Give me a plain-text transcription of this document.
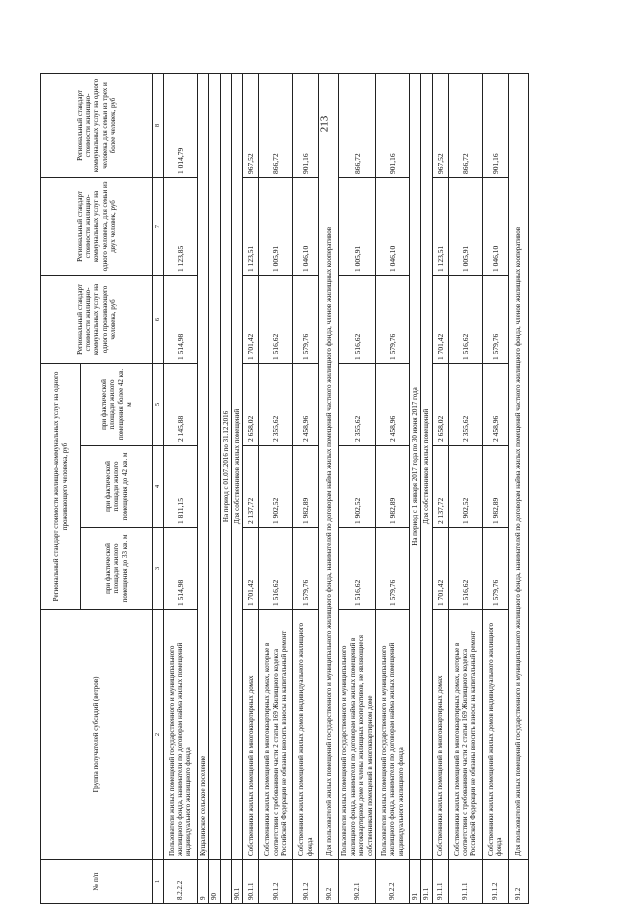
213
№ п/п	Группа получателей субсидий (ветров)	Региональный стандарт стоимости жилищно-коммунальных услуг на одного проживающего человека, руб			Региональный стандарт стоимости жилищно-коммунальных услуг на одного проживающего человека, руб	Региональный стандарт стоимости жилищно-коммунальных услуг на одного человека, для семьи из двух человек, руб	Региональный стандарт стоимости жилищно-коммунальных услуг на одного человека для семьи из трех и более человек, руб
		при фактической площади жилого помещения до 33 кв. м	при фактической площади жилого помещения до 42 кв. м	при фактической площади жилого помещения более 42 кв. м			
1	2	3	4	5	6	7	8
8.2.2.2	Пользователи жилых помещений государственного и муниципального жилищного фонда, наниматели по договорам найма жилых помещений индивидуального жилищного фонда	1 514,98	1 811,15	2 145,88	1 514,98	1 123,85	1 014,79
9	Кущалинское сельское поселение						
90							
	На период с 01.07.2016 по 31.12.2016						
90.1	Для собственников жилых помещений						
90.1.1	Собственники жилых помещений в многоквартирных домах	1 701,42	2 137,72	2 658,02	1 701,42	1 123,51	967,52
90.1.2	Собственники жилых помещений в многоквартирных домах, которые в соответствии с требованиями части 2 статьи 169 Жилищного кодекса Российской Федерации не обязаны вносить взносы на капитальный ремонт	1 516,62	1 902,52	2 355,62	1 516,62	1 005,91	866,72
90.1.2	Собственники жилых помещений жилых домов индивидуального жилищного фонда	1 579,76	1 982,89	2 458,96	1 579,76	1 046,10	901,16
90.2	Для пользователей жилых помещений государственного и муниципального жилищного фонда, нанимателей по договорам найма жилых помещений частного жилищного фонда, членов жилищных кооперативов						
90.2.1	Пользователи жилых помещений государственного и муниципального жилищного фонда, наниматели по договорам найма жилых помещений в многоквартирном доме и члены жилищных кооперативов, не являющиеся собственниками помещений в многоквартирном доме	1 516,62	1 902,52	2 355,62	1 516,62	1 005,91	866,72
90.2.2	Пользователи жилых помещений государственного и муниципального жилищного фонда, наниматели по договорам найма жилых помещений индивидуального жилищного фонда	1 579,76	1 982,89	2 458,96	1 579,76	1 046,10	901,16
91	На период с 1 января 2017 года по 30 июня 2017 года						
91.1	Для собственников жилых помещений						
91.1.1	Собственники жилых помещений в многоквартирных домах	1 701,42	2 137,72	2 658,02	1 701,42	1 123,51	967,52
91.1.1	Собственники жилых помещений в многоквартирных домах, которые в соответствии с требованиями части 2 статьи 169 Жилищного кодекса Российской Федерации не обязаны вносить взносы на капитальный ремонт	1 516,62	1 902,52	2 355,62	1 516,62	1 005,91	866,72
91.1.2	Собственники жилых помещений жилых домов индивидуального жилищного фонда	1 579,76	1 982,89	2 458,96	1 579,76	1 046,10	901,16
91.2	Для пользователей жилых помещений государственного и муниципального жилищного фонда, нанимателей по договорам найма жилых помещений частного жилищного фонда, членов жилищных кооперативов						
